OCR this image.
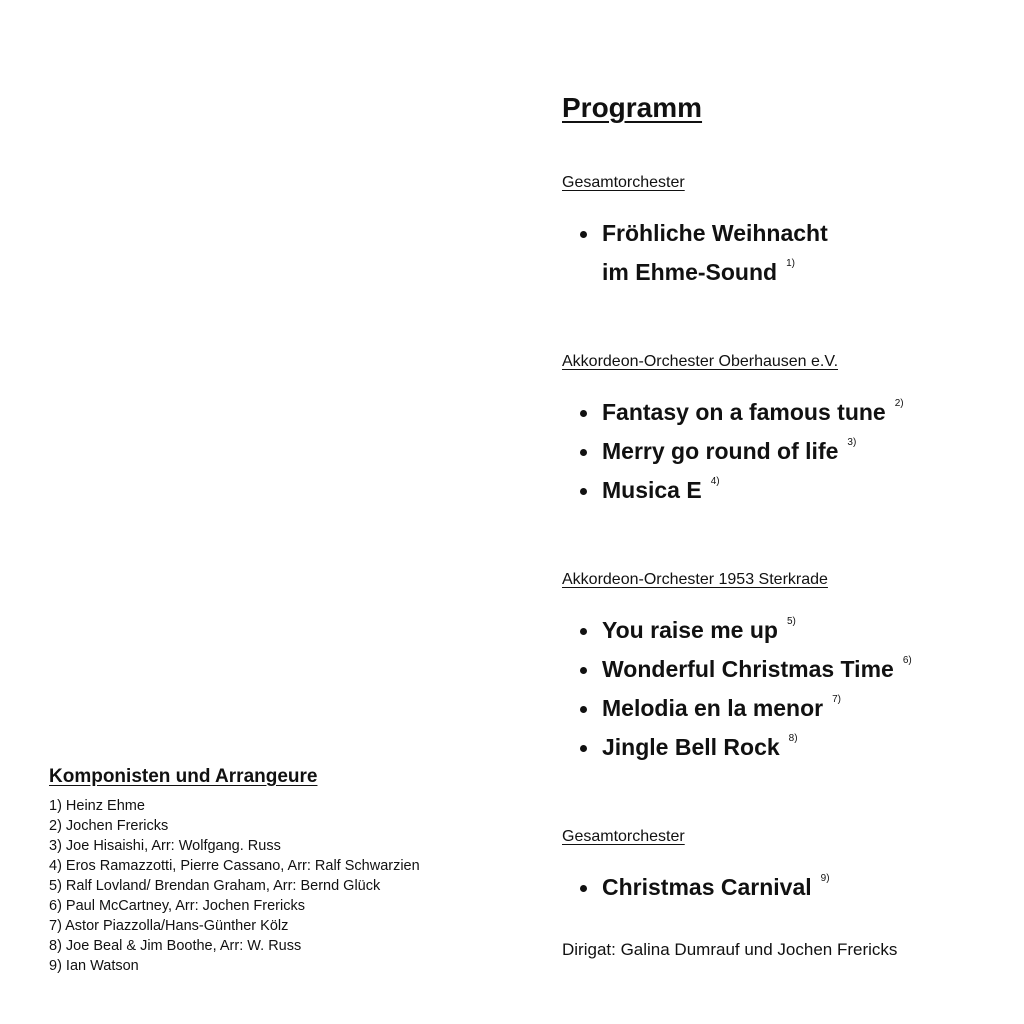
Programm
Gesamtorchester
Fröhliche Weihnacht
im Ehme-Sound $^{1)}$
Akkordeon-Orchester Oberhausen e.V.
Fantasy on a famous tune $^{2)}$
Merry go round of life $^{3)}$
Musica E $^{4)}$
Akkordeon-Orchester 1953 Sterkrade
You raise me up $^{5)}$
Wonderful Christmas Time $^{6)}$
Melodia en la menor $^{7)}$
Jingle Bell Rock $^{8)}$
Gesamtorchester
Christmas Carnival $^{9)}$
Dirigat: Galina Dumrauf und Jochen Frericks
Komponisten und Arrangeure
1) Heinz Ehme
2) Jochen Frericks
3) Joe Hisaishi, Arr: Wolfgang. Russ
4) Eros Ramazzotti, Pierre Cassano, Arr: Ralf Schwarzien
5) Ralf Lovland/ Brendan Graham, Arr: Bernd Glück
6) Paul McCartney, Arr: Jochen Frericks
7) Astor Piazzolla/Hans-Günther Kölz
8) Joe Beal & Jim Boothe, Arr: W. Russ
9) Ian Watson
